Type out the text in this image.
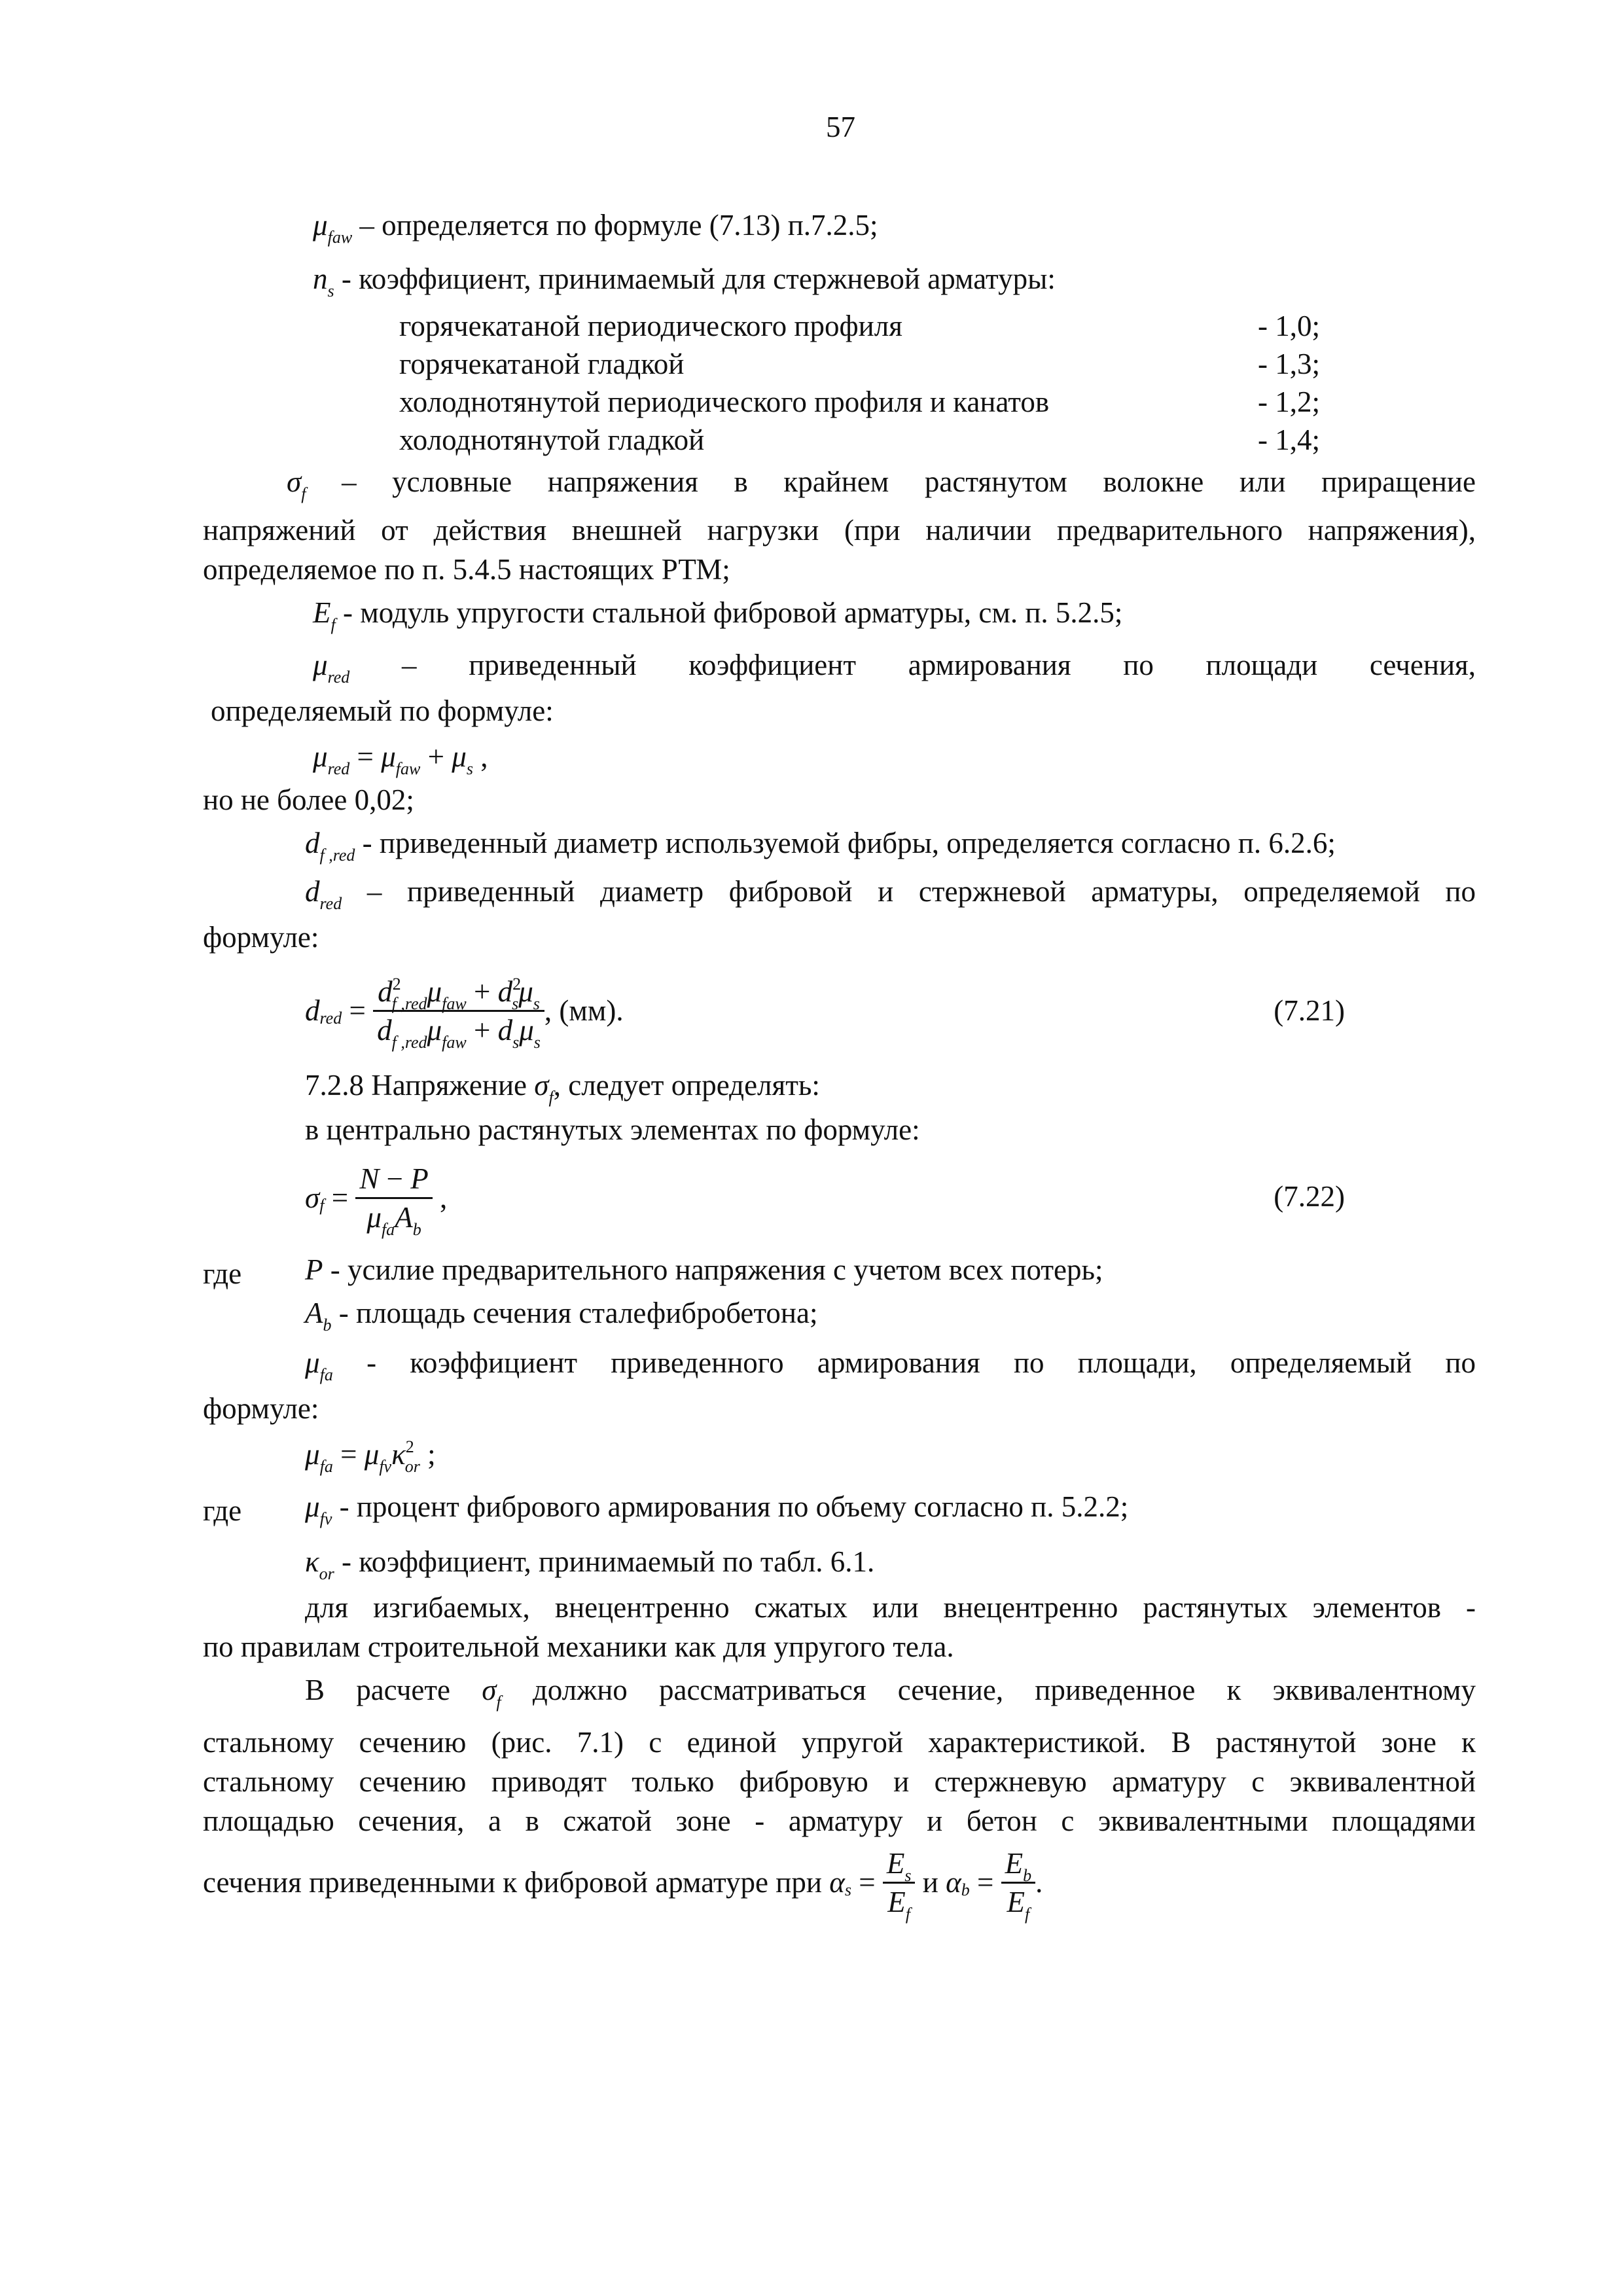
57
$\mu_{faw}$ – определяется по формуле (7.13) п.7.2.5;
$n_s$ - коэффициент, принимаемый для стержневой арматуры:
горячекатаной периодического профиля	- 1,0;
горячекатаной гладкой	- 1,3;
холоднотянутой периодического профиля и канатов	- 1,2;
холоднотянутой гладкой	- 1,4;
$\sigma_f$ – условные напряжения в крайнем растянутом волокне или приращение
напряжений от действия внешней нагрузки (при наличии предварительного напряжения),
определяемое по п. 5.4.5 настоящих РТМ;
$E_f$ - модуль упругости стальной фибровой арматуры, см. п. 5.2.5;
$\mu_{red}$ – приведенный коэффициент армирования по площади сечения,
определяемый по формуле:
$\mu_{red} = \mu_{faw} + \mu_s$ ,
но не более 0,02;
$d_{f ,red}$ - приведенный диаметр используемой фибры, определяется согласно п. 6.2.6;
$d_{red}$ – приведенный диаметр фибровой и стержневой арматуры, определяемой по
формуле:
d red = $\frac{d^2_{f ,red}\mu_{faw} + d^2_s\mu_s}{d_{f ,red}\mu_{faw} + d_s\mu_s}$ , (мм).	(7.21)
7.2.8 Напряжение $\sigma_f$, следует определять:
в центрально растянутых элементах по формуле:
σ $f = \frac{N - P}{\mu_{fa}A_b}$ ,	(7.22)
где P - усилие предварительного напряжения с учетом всех потерь;
$A_b$ - площадь сечения сталефибробетона;
$\mu_{fa}$ - коэффициент приведенного армирования по площади, определяемый по
формуле:
$\mu_{fa} = \mu_{fv}\kappa^2_{or}$ ;
где $\mu_{fv}$ - процент фибрового армирования по объему согласно п. 5.2.2;
$\kappa_{or}$ - коэффициент, принимаемый по табл. 6.1.
для изгибаемых, внецентренно сжатых или внецентренно растянутых элементов -
по правилам строительной механики как для упругого тела.
В расчете $\sigma_f$ должно рассматриваться сечение, приведенное к эквивалентному
стальному сечению (рис. 7.1) с единой упругой характеристикой. В растянутой зоне к
стальному сечению приводят только фибровую и стержневую арматуру с эквивалентной
площадью сечения, а в сжатой зоне - арматуру и бетон с эквивалентными площадями
сечения приведенными к фибровой арматуре при
α $s = \frac{E_s}{E_f}$
и
α $b = \frac{E_b}{E_f}$ .
